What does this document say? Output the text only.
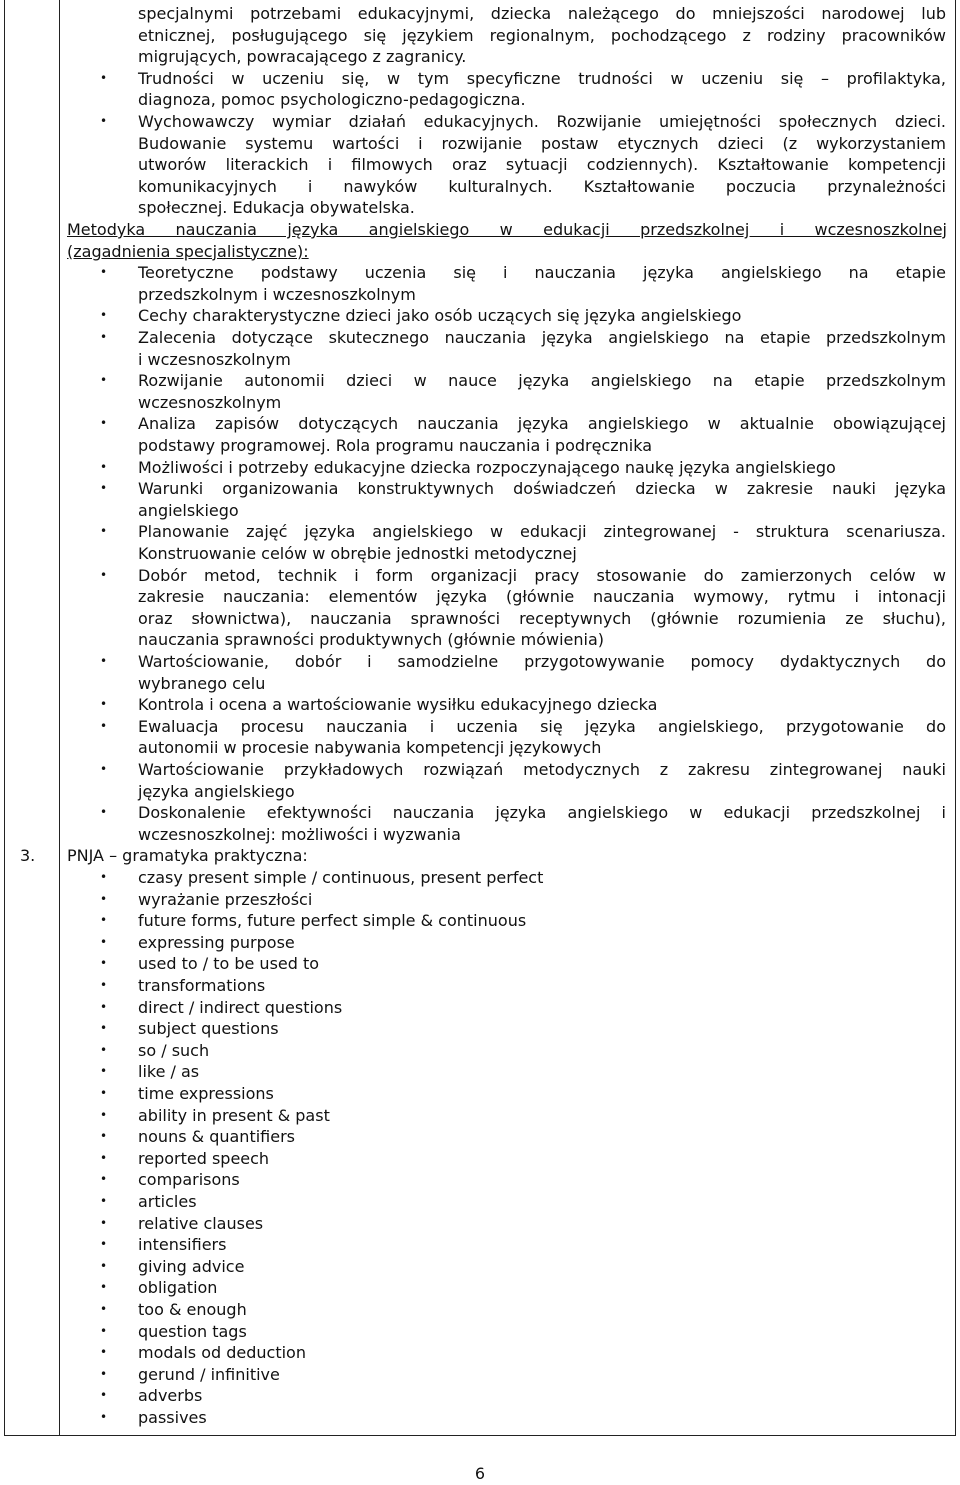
specjalnymi potrzebami edukacyjnymi, dziecka należącego do mniejszości narodowej lub
etnicznej, posługującego się językiem regionalnym, pochodzącego z rodziny pracowników
migrujących, powracającego z zagranicy.
Trudności w uczeniu się, w tym specyficzne trudności w uczeniu się – profilaktyka,
diagnoza, pomoc psychologiczno-pedagogiczna.
•
Wychowawczy wymiar działań edukacyjnych. Rozwijanie umiejętności społecznych dzieci.
Budowanie systemu wartości i rozwijanie postaw etycznych dzieci (z wykorzystaniem
utworów literackich i filmowych oraz sytuacji codziennych). Kształtowanie kompetencji
komunikacyjnych i nawyków kulturalnych. Kształtowanie poczucia przynależności
społecznej. Edukacja obywatelska.
•
Metodyka nauczania języka angielskiego w edukacji przedszkolnej i wczesnoszkolnej
(zagadnienia specjalistyczne):
Teoretyczne podstawy uczenia się i nauczania języka angielskiego na etapie
przedszkolnym i wczesnoszkolnym
•
Cechy charakterystyczne dzieci jako osób uczących się języka angielskiego
•
Zalecenia dotyczące skutecznego nauczania języka angielskiego na etapie przedszkolnym
i wczesnoszkolnym
•
Rozwijanie autonomii dzieci w nauce języka angielskiego na etapie przedszkolnym
wczesnoszkolnym
•
Analiza zapisów dotyczących nauczania języka angielskiego w aktualnie obowiązującej
podstawy programowej. Rola programu nauczania i podręcznika
•
Możliwości i potrzeby edukacyjne dziecka rozpoczynającego naukę języka angielskiego
•
Warunki organizowania konstruktywnych doświadczeń dziecka w zakresie nauki języka
angielskiego
•
Planowanie zajęć języka angielskiego w edukacji zintegrowanej - struktura scenariusza.
Konstruowanie celów w obrębie jednostki metodycznej
•
Dobór metod, technik i form organizacji pracy stosowanie do zamierzonych celów w
zakresie nauczania: elementów języka (głównie nauczania wymowy, rytmu i intonacji
oraz słownictwa), nauczania sprawności receptywnych (głównie rozumienia ze słuchu),
nauczania sprawności produktywnych (głównie mówienia)
•
Wartościowanie, dobór i samodzielne przygotowywanie pomocy dydaktycznych do
wybranego celu
•
Kontrola i ocena a wartościowanie wysiłku edukacyjnego dziecka
•
Ewaluacja procesu nauczania i uczenia się języka angielskiego, przygotowanie do
autonomii w procesie nabywania kompetencji językowych
•
Wartościowanie przykładowych rozwiązań metodycznych z zakresu zintegrowanej nauki
języka angielskiego
•
Doskonalenie efektywności nauczania języka angielskiego w edukacji przedszkolnej i
wczesnoszkolnej: możliwości i wyzwania
•
3. PNJA – gramatyka praktyczna:
czasy present simple / continuous, present perfect
•
wyrażanie przeszłości
•
future forms, future perfect simple & continuous
•
expressing purpose
•
used to / to be used to
•
transformations
•
direct / indirect questions
•
subject questions
•
so / such
•
like / as
•
time expressions
•
ability in present & past
•
nouns & quantifiers
•
reported speech
•
comparisons
•
articles
•
relative clauses
•
intensifiers
•
giving advice
•
obligation
•
too & enough
•
question tags
•
modals od deduction
•
gerund / infinitive
•
adverbs
•
passives
•
6
